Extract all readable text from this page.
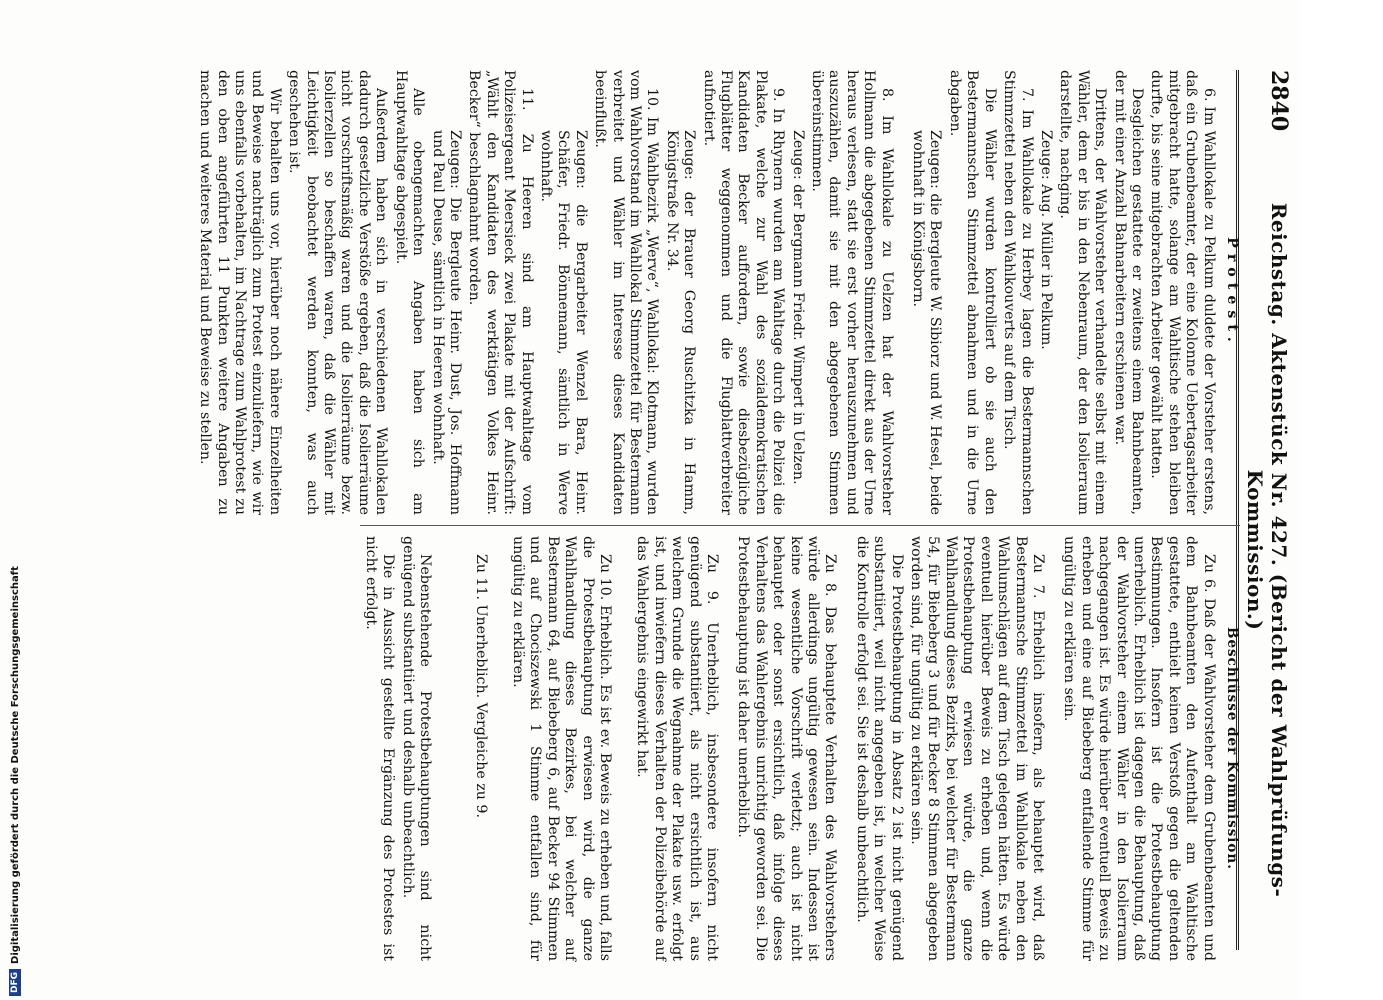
2840
Reichstag. Aktenstück Nr. 427. (Bericht der Wahlprüfungs-Kommission.)
Protest.

6. Im Wahllokale zu Pelkum duldete der Vorsteher erstens, daß ein Grubenbeamter, der eine Kolonne Uebertagsarbeiter mitgebracht hatte, solange am Wahltische stehen bleiben durfte, bis seine mitgebrachten Arbeiter gewählt hatten.

Desgleichen gestattete er zweitens einem Bahnbeamten, der mit einer Anzahl Bahnarbeitern erschienen war.

Drittens, der Wahlvorsteher verhandelte selbst mit einem Wähler, dem er bis in den Nebenraum, der den Isolierraum darstellte, nachging.

Zeuge: Aug. Müller in Pelkum.

7. Im Wahllokale zu Herbey lagen die Bestermannschen Stimmzettel neben den Wahlkouverts auf dem Tisch.

Die Wähler wurden kontrolliert ob sie auch den Bestermannschen Stimmzettel abnahmen und in die Urne abgaben.

Zeugen: die Bergleute W. Sibiorz und W. Hesel, beide wohnhaft in Königsborn.

8. Im Wahllokale zu Uelzen hat der Wahlvorsteher Hollmann die abgegebenen Stimmzettel direkt aus der Urne heraus verlesen, statt sie erst vorher herauszunehmen und auszuzählen, damit sie mit den abgegebenen Stimmen übereinstimmen.

Zeuge: der Bergmann Friedr. Wimpert in Uelzen.

9. In Rhynern wurden am Wahltage durch die Polizei die Plakate, welche zur Wahl des sozialdemokratischen Kandidaten Becker auffordern, sowie diesbezügliche Flugblätter weggenommen und die Flugblattverbreiter aufnotiert.

Zeuge: der Brauer Georg Ruschitzka in Hamm, Königstraße Nr. 34.

10. Im Wahlbezirk „Werve“, Wahllokal: Klotmann, wurden vom Wahlvorstand im Wahllokal Stimmzettel für Bestermann verbreitet und Wähler im Interesse dieses Kandidaten beeinflußt.

Zeugen: die Bergarbeiter Wenzel Bara, Heinr. Schäfer, Friedr. Bönnemann, sämtlich in Werve wohnhaft.

11. Zu Heeren sind am Hauptwahltage vom Polizeisergeant Meersieck zwei Plakate mit der Aufschrift: „Wählt den Kandidaten des werktätigen Volkes Heinr. Becker“ beschlagnahmt worden.

Zeugen: Die Bergleute Heinr. Dust, Jos. Hoffmann und Paul Deuse, sämtlich in Heeren wohnhaft.

Alle obengemachten Angaben haben sich am Hauptwahltage abgespielt.

Außerdem haben sich in verschiedenen Wahllokalen dadurch gesetzliche Verstöße ergeben, daß die Isolierräume nicht vorschriftsmäßig waren und die Isolierräume bezw. Isolierzellen so beschaffen waren, daß die Wähler mit Leichtigkeit beobachtet werden konnten, was auch geschehen ist.

Wir behalten uns vor, hierüber noch nähere Einzelheiten und Beweise nachträglich zum Protest einzuliefern, wie wir uns ebenfalls vorbehalten, im Nachtrage zum Wahlprotest zu den oben angeführten 11 Punkten weitere Angaben zu machen und weiteres Material und Beweise zu stellen.

Beschlüsse der Kommission.

Zu 6. Daß der Wahlvorsteher dem Grubenbeamten und dem Bahnbeamten den Aufenthalt am Wahltische gestattete, enthielt keinen Verstoß gegen die geltenden Bestimmungen. Insofern ist die Protestbehauptung unerheblich. Erheblich ist dagegen die Behauptung, daß der Wahlvorsteher einem Wähler in den Isolierraum nachgegangen ist. Es würde hierüber eventuell Beweis zu erheben und eine auf Biebeberg entfallende Stimme für ungültig zu erklären sein.

Zu 7. Erheblich insofern, als behauptet wird, daß Bestermannsche Stimmzettel im Wahllokale neben den Wahlumschlägen auf dem Tisch gelegen hätten. Es würde eventuell hierüber Beweis zu erheben und, wenn die Protestbehauptung erwiesen würde, die ganze Wahlhandlung dieses Bezirks, bei welcher für Bestermann 54, für Biebeberg 3 und für Becker 8 Stimmen abgegeben worden sind, für ungültig zu erklären sein.

Die Protestbehauptung in Absatz 2 ist nicht genügend substantiiert, weil nicht angegeben ist, in welcher Weise die Kontrolle erfolgt sei. Sie ist deshalb unbeachtlich.

Zu 8. Das behauptete Verhalten des Wahlvorstehers würde allerdings ungültig gewesen sein. Indessen ist keine wesentliche Vorschrift verletzt; auch ist nicht behauptet oder sonst ersichtlich, daß infolge dieses Verhaltens das Wahlergebnis unrichtig geworden sei. Die Protestbehauptung ist daher unerheblich.

Zu 9. Unerheblich, insbesondere insofern nicht genügend substantiiert, als nicht ersichtlich ist, aus welchem Grunde die Wegnahme der Plakate usw. erfolgt ist, und inwiefern dieses Verhalten der Polizeibehörde auf das Wahlergebnis eingewirkt hat.

Zu 10. Erheblich. Es ist ev. Beweis zu erheben und, falls die Protestbehauptung erwiesen wird, die ganze Wahlhandlung dieses Bezirkes, bei welcher auf Bestermann 64, auf Biebeberg 6, auf Becker 94 Stimmen und auf Chociszewski 1 Stimme entfallen sind, für ungültig zu erklären.

Zu 11. Unerheblich. Vergleiche zu 9.

Nebenstehende Protestbehauptungen sind nicht genügend substantiiert und deshalb unbeachtlich.

Die in Aussicht gestellte Ergänzung des Protestes ist nicht erfolgt.

DFG
Digitalisierung gefördert durch die Deutsche Forschungsgemeinschaft
